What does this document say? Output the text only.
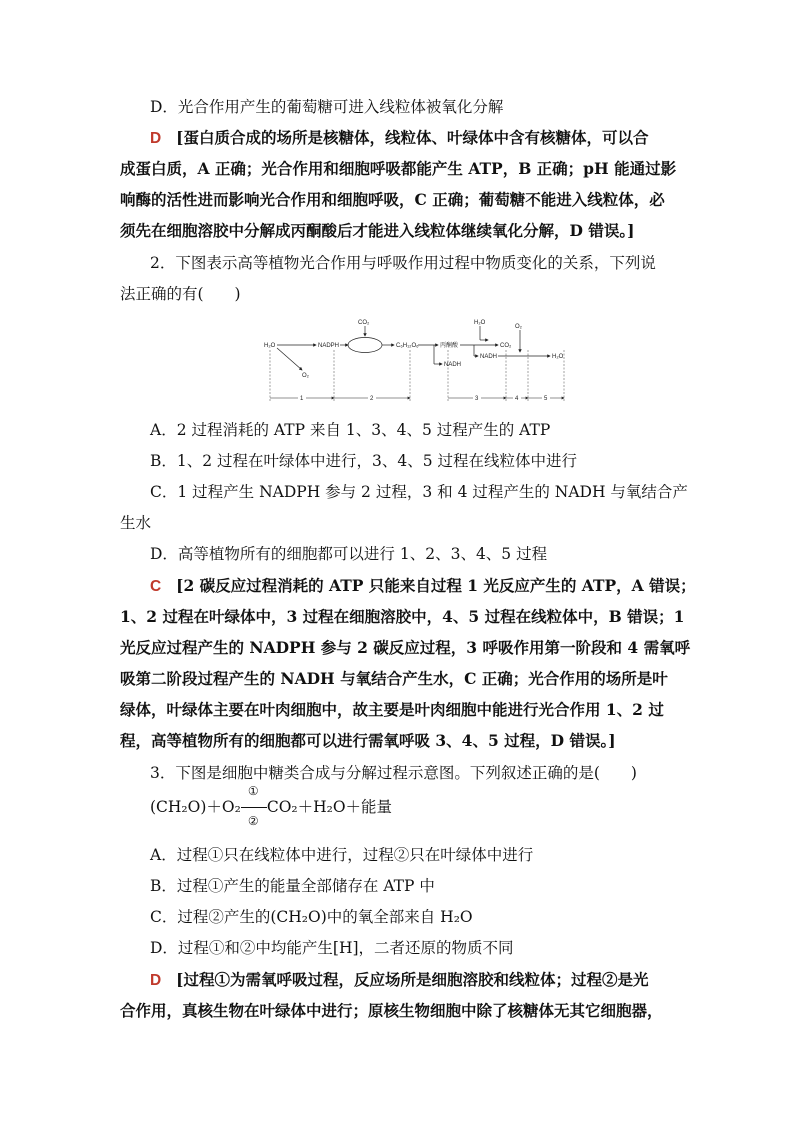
D．光合作用产生的葡萄糖可进入线粒体被氧化分解
D [蛋白质合成的场所是核糖体，线粒体、叶绿体中含有核糖体，可以合
成蛋白质，A 正确；光合作用和细胞呼吸都能产生 ATP，B 正确；pH 能通过影
响酶的活性进而影响光合作用和细胞呼吸，C 正确；葡萄糖不能进入线粒体，必
须先在细胞溶胶中分解成丙酮酸后才能进入线粒体继续氧化分解，D 错误。]
2．下图表示高等植物光合作用与呼吸作用过程中物质变化的关系，下列说
法正确的有(　　)
H₂O	NADPH
O₂
CO₂
C₆H₁₂O₆	丙酮酸
NADH
H₂O
CO₂
NADH
O₂
H₂O
1	2	3	4	5
A．2 过程消耗的 ATP 来自 1、3、4、5 过程产生的 ATP
B．1、2 过程在叶绿体中进行，3、4、5 过程在线粒体中进行
C．1 过程产生 NADPH 参与 2 过程，3 和 4 过程产生的 NADH 与氧结合产
生水
D．高等植物所有的细胞都可以进行 1、2、3、4、5 过程
C [2 碳反应过程消耗的 ATP 只能来自过程 1 光反应产生的 ATP，A 错误；
1、2 过程在叶绿体中，3 过程在细胞溶胶中，4、5 过程在线粒体中，B 错误；1
光反应过程产生的 NADPH 参与 2 碳反应过程，3 呼吸作用第一阶段和 4 需氧呼
吸第二阶段过程产生的 NADH 与氧结合产生水，C 正确；光合作用的场所是叶
绿体，叶绿体主要在叶肉细胞中，故主要是叶肉细胞中能进行光合作用 1、2 过
程，高等植物所有的细胞都可以进行需氧呼吸 3、4、5 过程，D 错误。]
3．下图是细胞中糖类合成与分解过程示意图。下列叙述正确的是(　　)
(CH₂O)＋O₂
①
②
CO₂＋H₂O＋能量
A．过程①只在线粒体中进行，过程②只在叶绿体中进行
B．过程①产生的能量全部储存在 ATP 中
C．过程②产生的(CH₂O)中的氧全部来自 H₂O
D．过程①和②中均能产生[H]，二者还原的物质不同
D [过程①为需氧呼吸过程，反应场所是细胞溶胶和线粒体；过程②是光
合作用，真核生物在叶绿体中进行；原核生物细胞中除了核糖体无其它细胞器，
